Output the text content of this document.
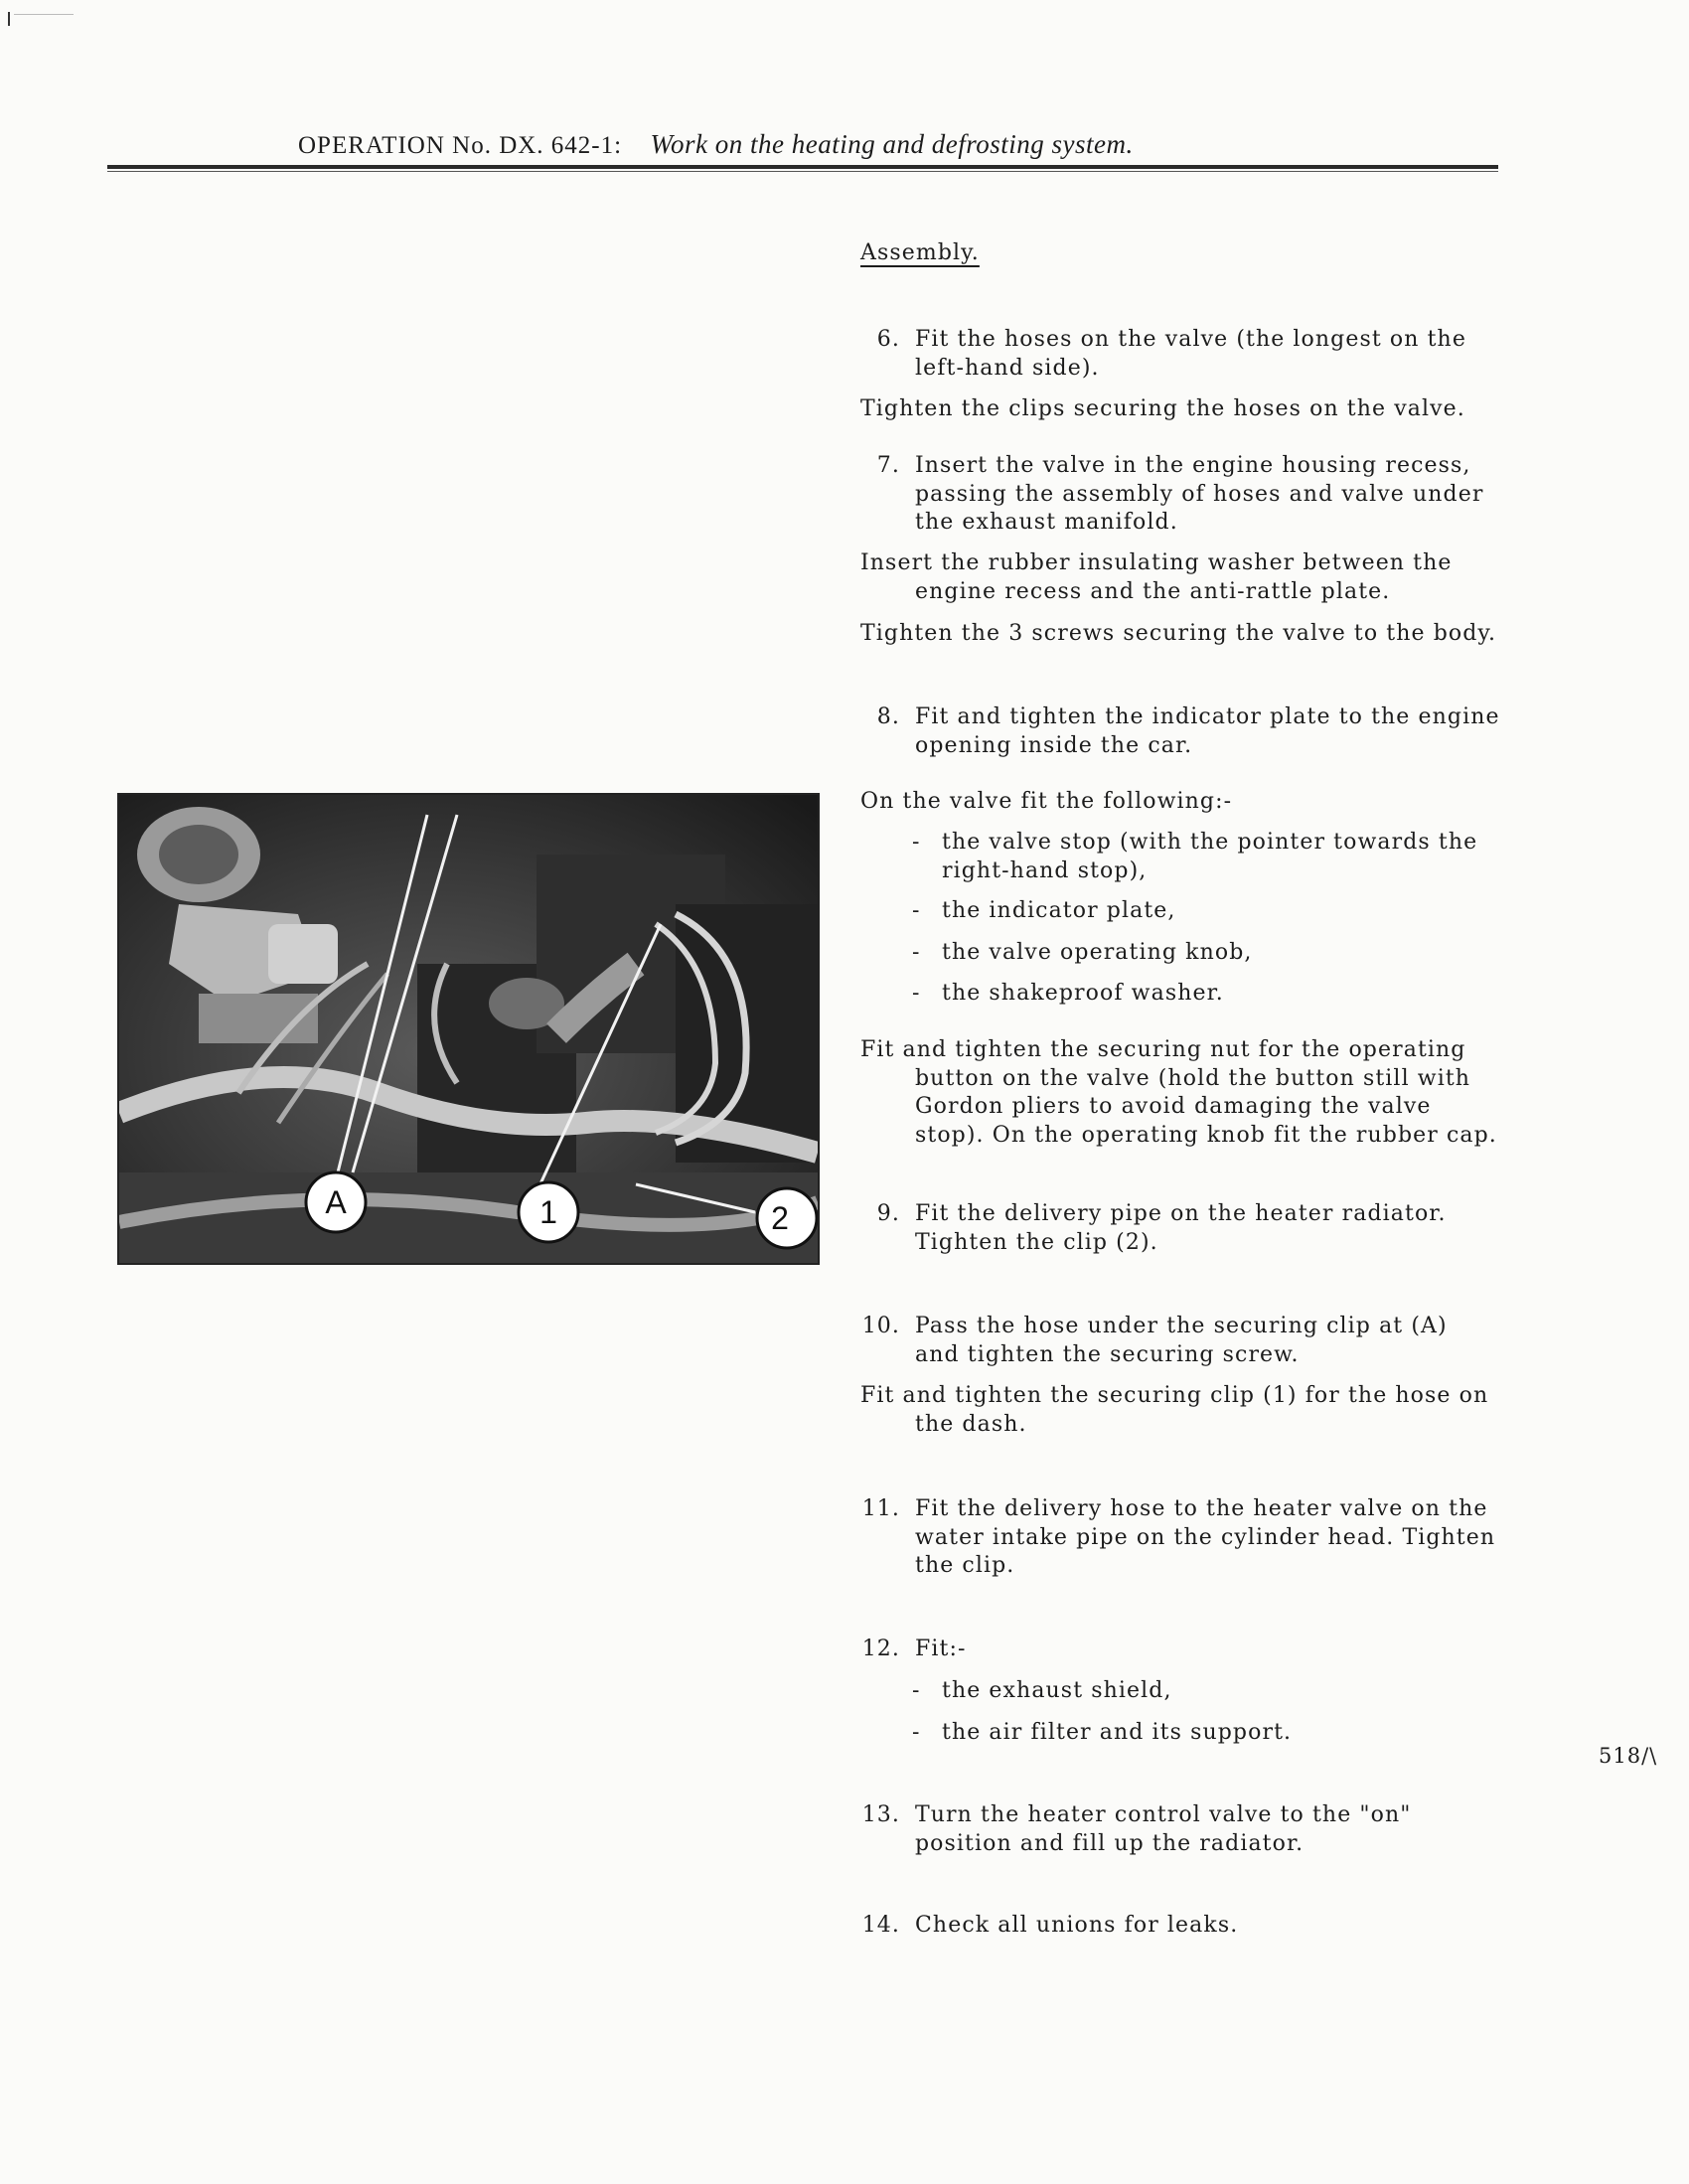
OPERATION No. DX. 642-1: Work on the heating and defrosting system.
Assembly.
6. Fit the hoses on the valve (the longest on the

left-hand side).

Tighten the clips securing the hoses on the valve.

7. Insert the valve in the engine housing recess,

passing the assembly of hoses and valve under

the exhaust manifold.

Insert the rubber insulating washer between the

engine recess and the anti-rattle plate.

Tighten the 3 screws securing the valve to the body.

8. Fit and tighten the indicator plate to the engine

opening inside the car.

On the valve fit the following:-

- the valve stop (with the pointer towards the
right-hand stop),
- the indicator plate,
- the valve operating knob,
- the shakeproof washer.

Fit and tighten the securing nut for the operating

button on the valve (hold the button still with

Gordon pliers to avoid damaging the valve

stop). On the operating knob fit the rubber cap.

9. Fit the delivery pipe on the heater radiator.

Tighten the clip (2).

10. Pass the hose under the securing clip at (A)

and tighten the securing screw.

Fit and tighten the securing clip (1) for the hose on

the dash.

11. Fit the delivery hose to the heater valve on the

water intake pipe on the cylinder head. Tighten

the clip.

12. Fit:-

- the exhaust shield,
- the air filter and its support.
13. Turn the heater control valve to the "on"

position and fill up the radiator.

14. Check all unions for leaks.

A	1	2
518/\
